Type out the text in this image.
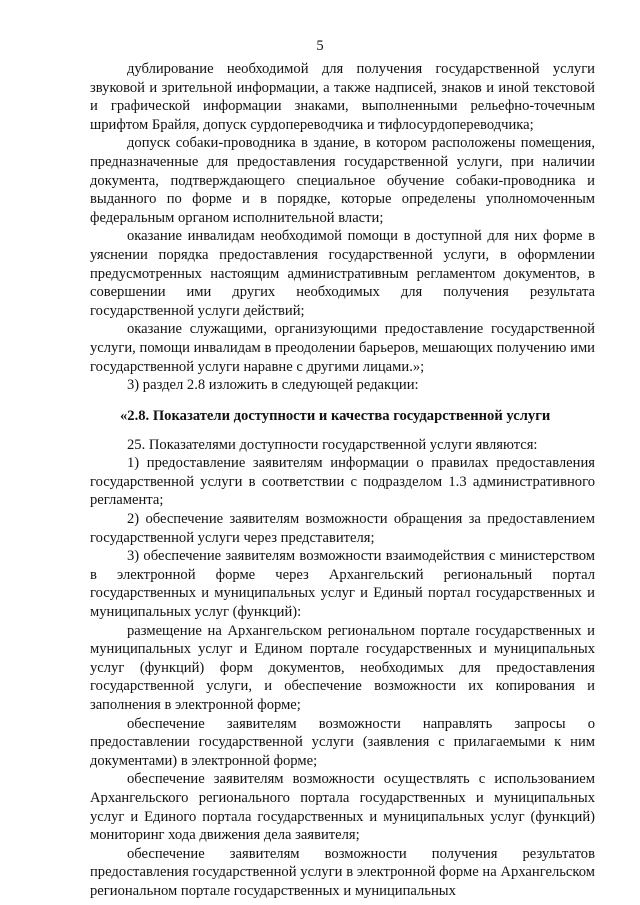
5

дублирование необходимой для получения государственной услуги звуковой и зрительной информации, а также надписей, знаков и иной текстовой и графической информации знаками, выполненными рельефно-точечным шрифтом Брайля, допуск сурдопереводчика и тифлосурдопереводчика;

допуск собаки-проводника в здание, в котором расположены помещения, предназначенные для предоставления государственной услуги, при наличии документа, подтверждающего специальное обучение собаки-проводника и выданного по форме и в порядке, которые определены уполномоченным федеральным органом исполнительной власти;

оказание инвалидам необходимой помощи в доступной для них форме в уяснении порядка предоставления государственной услуги, в оформлении предусмотренных настоящим административным регламентом документов, в совершении ими других необходимых для получения результата государственной услуги действий;

оказание служащими, организующими предоставление государственной услуги, помощи инвалидам в преодолении барьеров, мешающих получению ими государственной услуги наравне с другими лицами.»;

3) раздел 2.8 изложить в следующей редакции:

«2.8. Показатели доступности и качества государственной услуги

25. Показателями доступности государственной услуги являются:

1) предоставление заявителям информации о правилах предоставления государственной услуги в соответствии с подразделом 1.3 административного регламента;

2) обеспечение заявителям возможности обращения за предоставлением государственной услуги через представителя;

3) обеспечение заявителям возможности взаимодействия с министерством в электронной форме через Архангельский региональный портал государственных и муниципальных услуг и Единый портал государственных и муниципальных услуг (функций):

размещение на Архангельском региональном портале государственных и муниципальных услуг и Едином портале государственных и муниципальных услуг (функций) форм документов, необходимых для предоставления государственной услуги, и обеспечение возможности их копирования и заполнения в электронной форме;

обеспечение заявителям возможности направлять запросы о предоставлении государственной услуги (заявления с прилагаемыми к ним документами) в электронной форме;

обеспечение заявителям возможности осуществлять с использованием Архангельского регионального портала государственных и муниципальных услуг и Единого портала государственных и муниципальных услуг (функций) мониторинг хода движения дела заявителя;

обеспечение заявителям возможности получения результатов предоставления государственной услуги в электронной форме на Архангельском региональном портале государственных и муниципальных
